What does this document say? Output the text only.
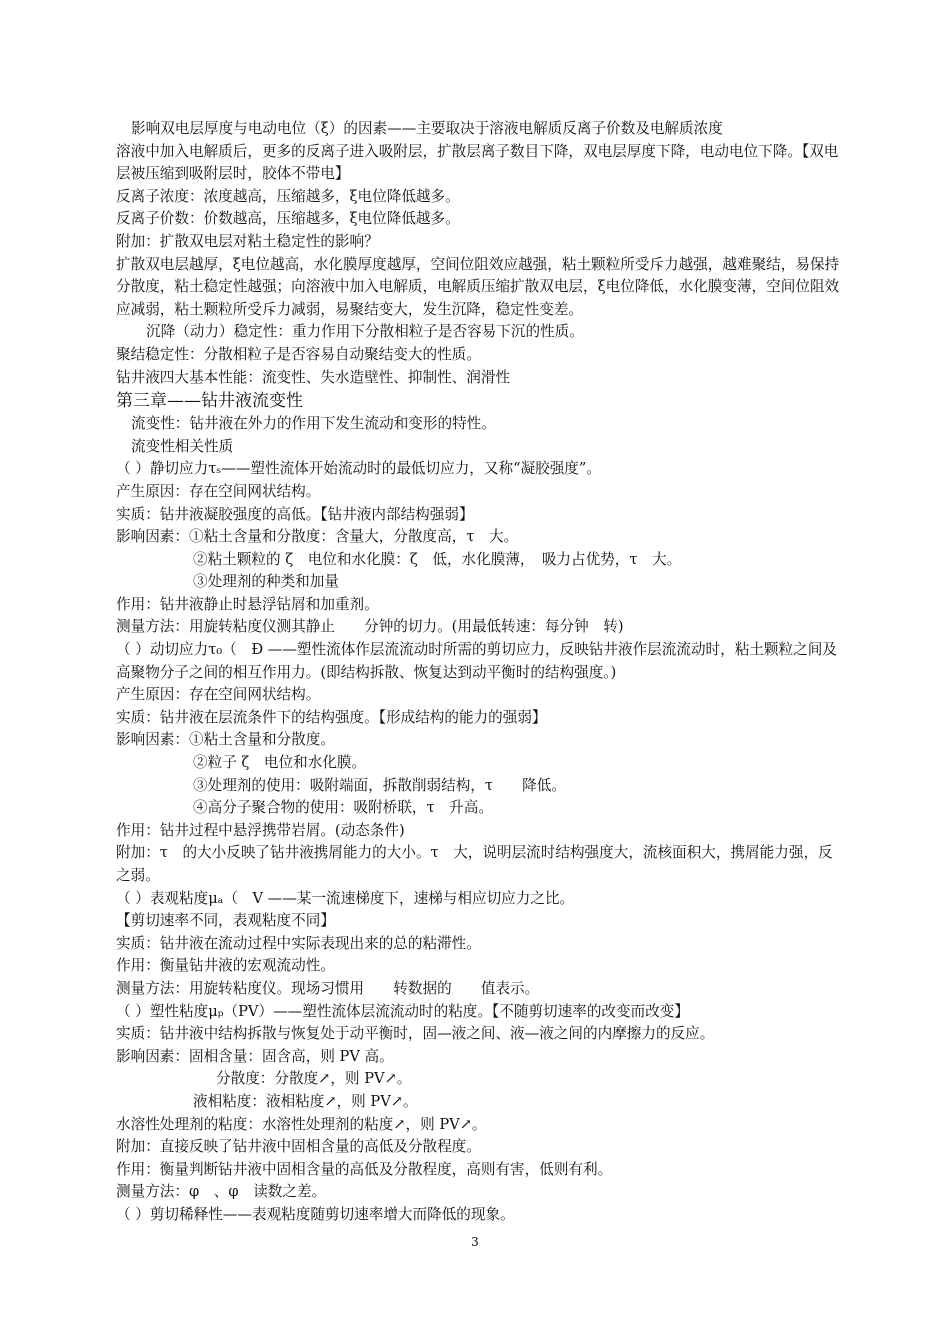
影响双电层厚度与电动电位（ξ）的因素——主要取决于溶液电解质反离子价数及电解质浓度
溶液中加入电解质后，更多的反离子进入吸附层，扩散层离子数目下降，双电层厚度下降，电动电位下降。【双电层被压缩到吸附层时，胶体不带电】
反离子浓度：浓度越高，压缩越多，ξ电位降低越多。
反离子价数：价数越高，压缩越多，ξ电位降低越多。
附加：扩散双电层对粘土稳定性的影响？
扩散双电层越厚，ξ电位越高，水化膜厚度越厚，空间位阻效应越强，粘土颗粒所受斥力越强，越难聚结，易保持分散度，粘土稳定性越强；向溶液中加入电解质，电解质压缩扩散双电层，ξ电位降低，水化膜变薄，空间位阻效应减弱，粘土颗粒所受斥力减弱，易聚结变大，发生沉降，稳定性变差。
沉降（动力）稳定性：重力作用下分散相粒子是否容易下沉的性质。
聚结稳定性：分散相粒子是否容易自动聚结变大的性质。
钻井液四大基本性能：流变性、失水造壁性、抑制性、润滑性
第三章——钻井液流变性
流变性：钻井液在外力的作用下发生流动和变形的特性。
流变性相关性质
（ ）静切应力τₛ——塑性流体开始流动时的最低切应力，又称“凝胶强度”。
产生原因：存在空间网状结构。
实质：钻井液凝胶强度的高低。【钻井液内部结构强弱】
影响因素：①粘土含量和分散度：含量大，分散度高，τ　大。
②粘土颗粒的 ζ　电位和水化膜：ζ　低，水化膜薄，　吸力占优势，τ　大。
③处理剂的种类和加量
作用：钻井液静止时悬浮钻屑和加重剂。
测量方法：用旋转粘度仪测其静止　　分钟的切力。(用最低转速：每分钟　转)
（ ）动切应力τ₀（　Ɖ ——塑性流体作层流流动时所需的剪切应力，反映钻井液作层流流动时，粘土颗粒之间及高聚物分子之间的相互作用力。(即结构拆散、恢复达到动平衡时的结构强度。)
产生原因：存在空间网状结构。
实质：钻井液在层流条件下的结构强度。【形成结构的能力的强弱】
影响因素：①粘土含量和分散度。
②粒子 ζ　电位和水化膜。
③处理剂的使用：吸附端面，拆散削弱结构，τ　　降低。
④高分子聚合物的使用：吸附桥联，τ　升高。
作用：钻井过程中悬浮携带岩屑。(动态条件)
附加：τ　的大小反映了钻井液携屑能力的大小。τ　大，说明层流时结构强度大，流核面积大，携屑能力强，反之弱。
（ ）表观粘度μₐ（　V ——某一流速梯度下，速梯与相应切应力之比。
【剪切速率不同，表观粘度不同】
实质：钻井液在流动过程中实际表现出来的总的粘滞性。
作用：衡量钻井液的宏观流动性。
测量方法：用旋转粘度仪。现场习惯用　　转数据的　　值表示。
（ ）塑性粘度μₚ（PV）——塑性流体层流流动时的粘度。【不随剪切速率的改变而改变】
实质：钻井液中结构拆散与恢复处于动平衡时，固—液之间、液—液之间的内摩擦力的反应。
影响因素：固相含量：固含高，则 PV 高。
分散度：分散度↗，则 PV↗。
液相粘度：液相粘度↗，则 PV↗。
水溶性处理剂的粘度：水溶性处理剂的粘度↗，则 PV↗。
附加：直接反映了钻井液中固相含量的高低及分散程度。
作用：衡量判断钻井液中固相含量的高低及分散程度，高则有害，低则有利。
测量方法：φ　、φ　读数之差。
（ ）剪切稀释性——表观粘度随剪切速率增大而降低的现象。
3
